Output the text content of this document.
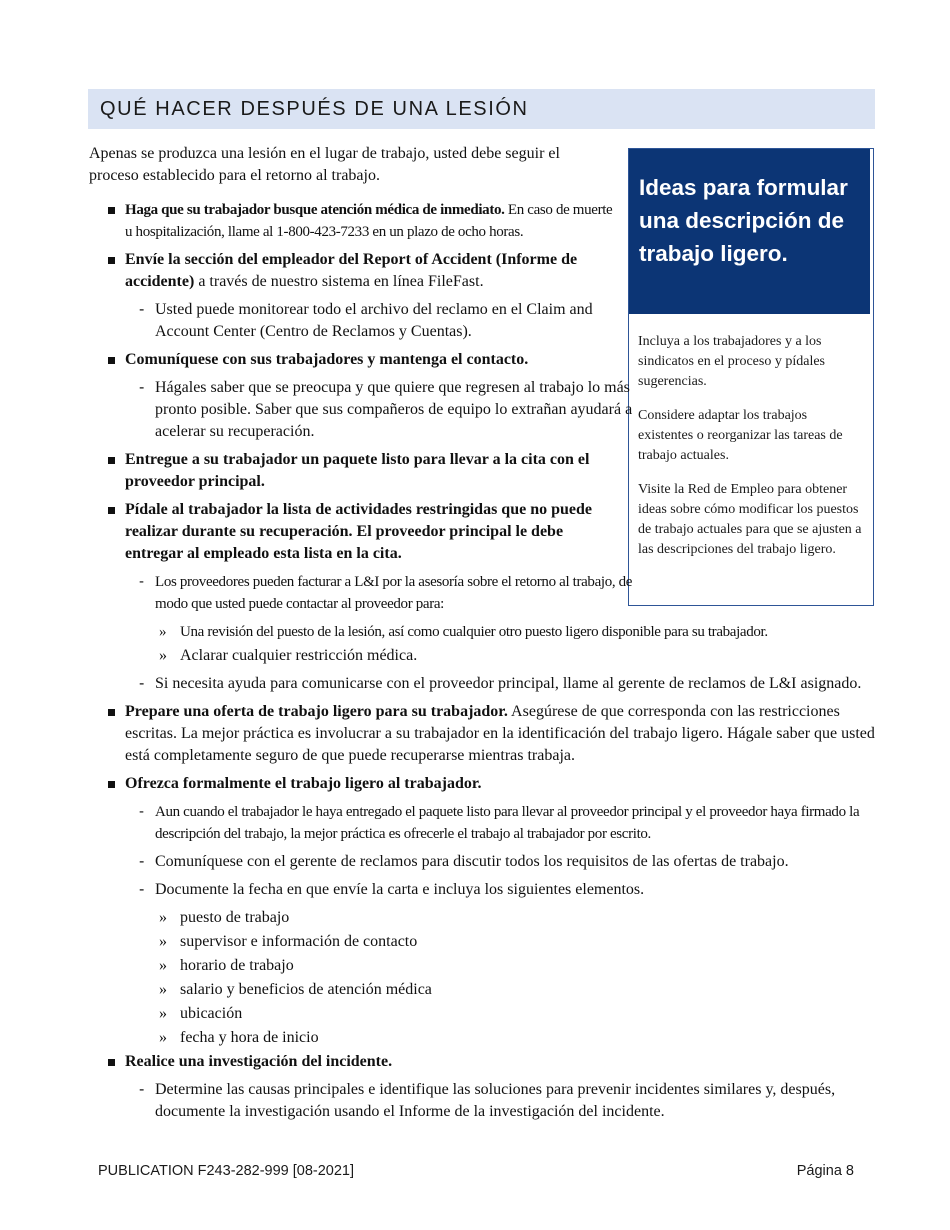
QUÉ HACER DESPUÉS DE UNA LESIÓN

Apenas se produzca una lesión en el lugar de trabajo, usted debe seguir el proceso establecido para el retorno al trabajo.	Ideas para formular una descripción de trabajo ligero.

Incluya a los trabajadores y a los sindicatos en el proceso y pídales sugerencias.

Considere adaptar los trabajos existentes o reorganizar las tareas de trabajo actuales.

Visite la Red de Empleo para obtener ideas sobre cómo modificar los puestos de trabajo actuales para que se ajusten a las descripciones del trabajo ligero.

Haga que su trabajador busque atención médica de inmediato. En caso de muerte u hospitalización, llame al 1-800-423-7233 en un plazo de ocho horas.
Envíe la sección del empleador del Report of Accident (Informe de accidente) a través de nuestro sistema en línea FileFast.
- Usted puede monitorear todo el archivo del reclamo en el Claim and Account Center (Centro de Reclamos y Cuentas).
Comuníquese con sus trabajadores y mantenga el contacto.
- Hágales saber que se preocupa y que quiere que regresen al trabajo lo más pronto posible. Saber que sus compañeros de equipo lo extrañan ayudará a acelerar su recuperación.
Entregue a su trabajador un paquete listo para llevar a la cita con el proveedor principal.
Pídale al trabajador la lista de actividades restringidas que no puede realizar durante su recuperación. El proveedor principal le debe entregar al empleado esta lista en la cita.
- Los proveedores pueden facturar a L&I por la asesoría sobre el retorno al trabajo, de modo que usted puede contactar al proveedor para:
» Una revisión del puesto de la lesión, así como cualquier otro puesto ligero disponible para su trabajador.
» Aclarar cualquier restricción médica.
- Si necesita ayuda para comunicarse con el proveedor principal, llame al gerente de reclamos de L&I asignado.
Prepare una oferta de trabajo ligero para su trabajador. Asegúrese de que corresponda con las restricciones escritas. La mejor práctica es involucrar a su trabajador en la identificación del trabajo ligero. Hágale saber que usted está completamente seguro de que puede recuperarse mientras trabaja.
Ofrezca formalmente el trabajo ligero al trabajador.
- Aun cuando el trabajador le haya entregado el paquete listo para llevar al proveedor principal y el proveedor haya firmado la descripción del trabajo, la mejor práctica es ofrecerle el trabajo al trabajador por escrito.
- Comuníquese con el gerente de reclamos para discutir todos los requisitos de las ofertas de trabajo.
- Documente la fecha en que envíe la carta e incluya los siguientes elementos.
» puesto de trabajo
» supervisor e información de contacto
» horario de trabajo
» salario y beneficios de atención médica
» ubicación
» fecha y hora de inicio
Realice una investigación del incidente.
- Determine las causas principales e identifique las soluciones para prevenir incidentes similares y, después, documente la investigación usando el Informe de la investigación del incidente.
PUBLICATION F243-282-999 [08-2021]	Página 8
